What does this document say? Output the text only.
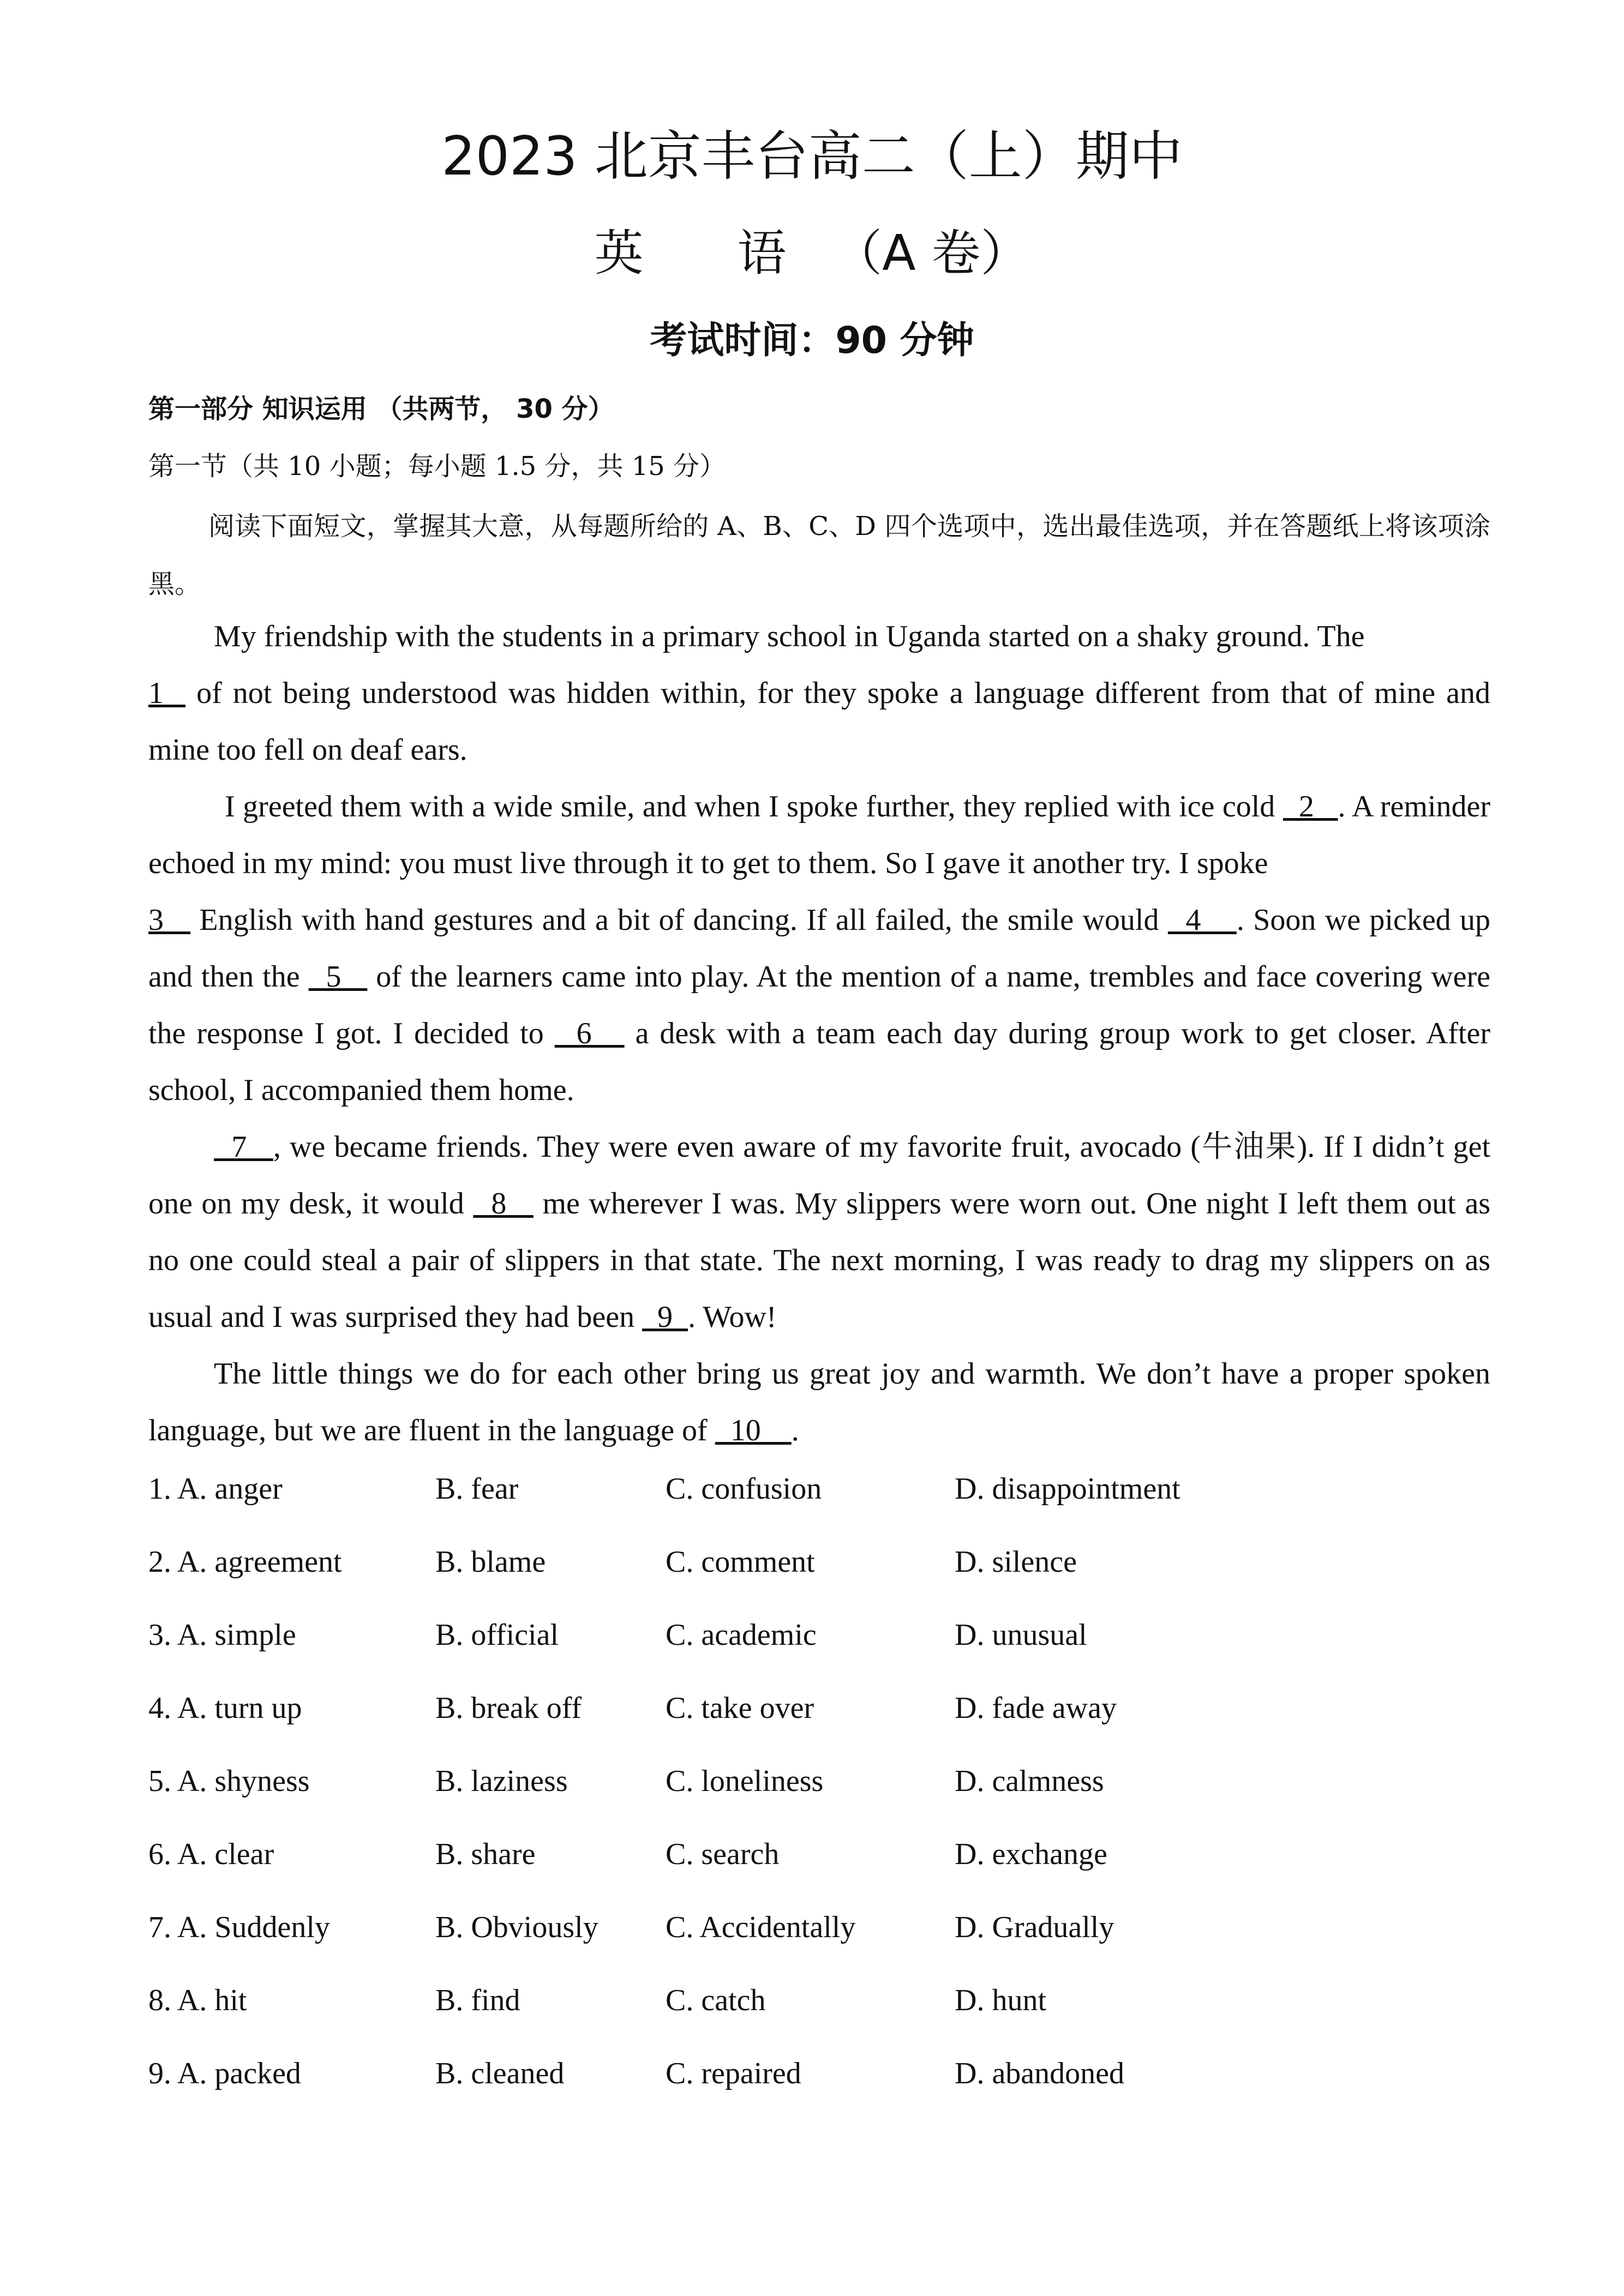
2023 北京丰台高二（上）期中
英      语   （A 卷）
考试时间：90 分钟
第一部分 知识运用 （共两节， 30 分）
第一节（共 10 小题；每小题 1.5 分，共 15 分）
阅读下面短文，掌握其大意，从每题所给的 A、B、C、D 四个选项中，选出最佳选项，并在答题纸上将该项涂黑。

My friendship with the students in a primary school in Uganda started on a shaky ground. The
1   of not being understood was hidden within, for they spoke a language different from that of mine and mine too fell on deaf ears.

I greeted them with a wide smile, and when I spoke further, they replied with ice cold   2   . A reminder echoed in my mind: you must live through it to get to them. So I gave it another try. I spoke
3    English with hand gestures and a bit of dancing. If all failed, the smile would   4    . Soon we picked up and then the   5    of the learners came into play. At the mention of a name, trembles and face covering were the response I got. I decided to   6    a desk with a team each day during group work to get closer. After school, I accompanied them home.

7   , we became friends. They were even aware of my favorite fruit, avocado (牛油果). If I didn’t get one on my desk, it would   8    me wherever I was. My slippers were worn out. One night I left them out as no one could steal a pair of slippers in that state. The next morning, I was ready to drag my slippers on as usual and I was surprised they had been   9  . Wow!

The little things we do for each other bring us great joy and warmth. We don’t have a proper spoken language, but we are fluent in the language of   10    .

1. A. anger	B. fear	C. confusion	D. disappointment
2. A. agreement	B. blame	C. comment	D. silence
3. A. simple	B. official	C. academic	D. unusual
4. A. turn up	B. break off	C. take over	D. fade away
5. A. shyness	B. laziness	C. loneliness	D. calmness
6. A. clear	B. share	C. search	D. exchange
7. A. Suddenly	B. Obviously C. Accidentally	D. Gradually
8. A. hit	B. find	C. catch	D. hunt
9. A. packed	B. cleaned	C. repaired	D. abandoned
